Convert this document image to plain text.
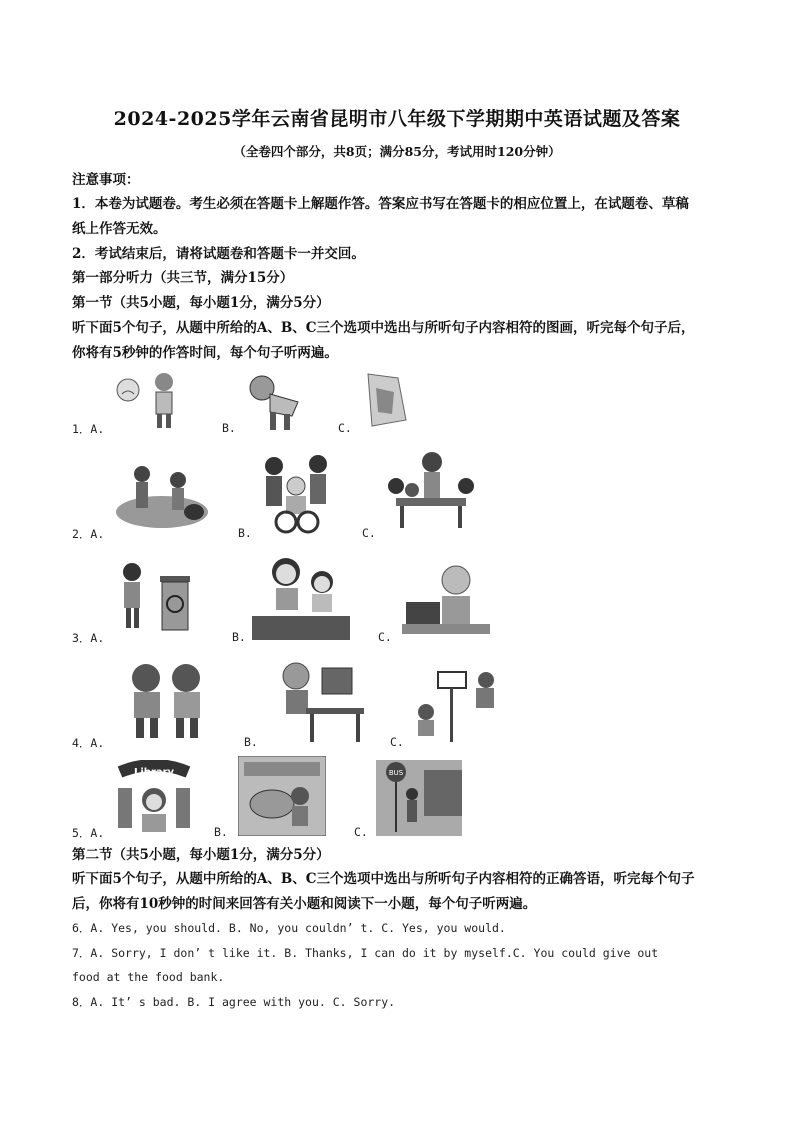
2024-2025学年云南省昆明市八年级下学期期中英语试题及答案
（全卷四个部分，共8页；满分85分，考试用时120分钟）
注意事项：
1．本卷为试题卷。考生必须在答题卡上解题作答。答案应书写在答题卡的相应位置上，在试题卷、草稿
纸上作答无效。
2．考试结束后，请将试题卷和答题卡一并交回。
第一部分听力（共三节，满分15分）
第一节（共5小题，每小题1分，满分5分）
听下面5个句子，从题中所给的A、B、C三个选项中选出与所听句子内容相符的图画，听完每个句子后，
你将有5秒钟的作答时间，每个句子听两遍。
1．A.	B.	C.
2．A.	B.	C.
3．A.	B.	C.
4．A.	B.	C.
5．A.
Library
B.	C.
BUS
第二节（共5小题，每小题1分，满分5分）
听下面5个句子，从题中所给的A、B、C三个选项中选出与所听句子内容相符的正确答语，听完每个句子
后，你将有10秒钟的时间来回答有关小题和阅读下一小题，每个句子听两遍。
6．A. Yes, you should. B. No, you couldn’ t. C. Yes, you would.
7．A. Sorry, I don’ t like it. B. Thanks, I can do it by myself.C. You could give out
food at the food bank.
8．A. It’ s bad. B. I agree with you. C. Sorry.
